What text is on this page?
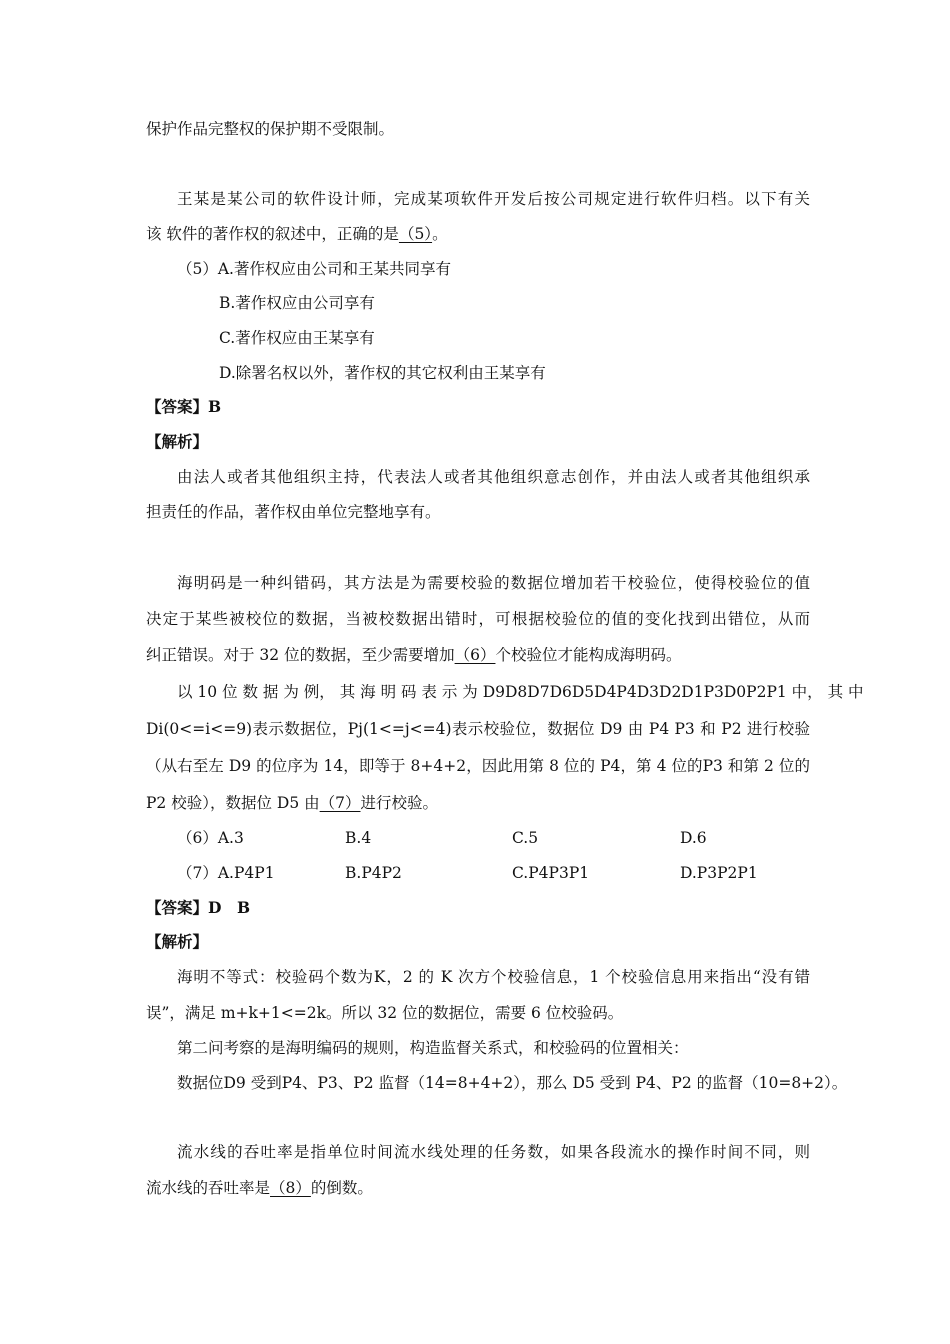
保护作品完整权的保护期不受限制。
王某是某公司的软件设计师，完成某项软件开发后按公司规定进行软件归档。以下有关
该 软件的著作权的叙述中，正确的是（5）。
（5）A.著作权应由公司和王某共同享有
B.著作权应由公司享有
C.著作权应由王某享有
D.除署名权以外，著作权的其它权利由王某享有
【答案】B
【解析】
由法人或者其他组织主持，代表法人或者其他组织意志创作，并由法人或者其他组织承
担责任的作品，著作权由单位完整地享有。
海明码是一种纠错码，其方法是为需要校验的数据位增加若干校验位，使得校验位的值
决定于某些被校位的数据，当被校数据出错时，可根据校验位的值的变化找到出错位，从而
纠正错误。对于 32 位的数据，至少需要增加（6）个校验位才能构成海明码。
以 10 位 数 据 为 例， 其 海 明 码 表 示 为 D9D8D7D6D5D4P4D3D2D1P3D0P2P1 中， 其 中
Di(0<=i<=9)表示数据位，Pj(1<=j<=4)表示校验位，数据位 D9 由 P4 P3 和 P2 进行校验
（从右至左 D9 的位序为 14，即等于 8+4+2，因此用第 8 位的 P4，第 4 位的P3 和第 2 位的
P2 校验），数据位 D5 由（7）进行校验。
（6）A.3	B.4	C.5	D.6
（7）A.P4P1	B.P4P2	C.P4P3P1	D.P3P2P1
【答案】D　B
【解析】
海明不等式：校验码个数为K，2 的 K 次方个校验信息，1 个校验信息用来指出“没有错
误”，满足 m+k+1<=2k。所以 32 位的数据位，需要 6 位校验码。
第二问考察的是海明编码的规则，构造监督关系式，和校验码的位置相关：
数据位D9 受到P4、P3、P2 监督（14=8+4+2），那么 D5 受到 P4、P2 的监督（10=8+2）。
流水线的吞吐率是指单位时间流水线处理的任务数，如果各段流水的操作时间不同，则
流水线的吞吐率是（8）的倒数。
